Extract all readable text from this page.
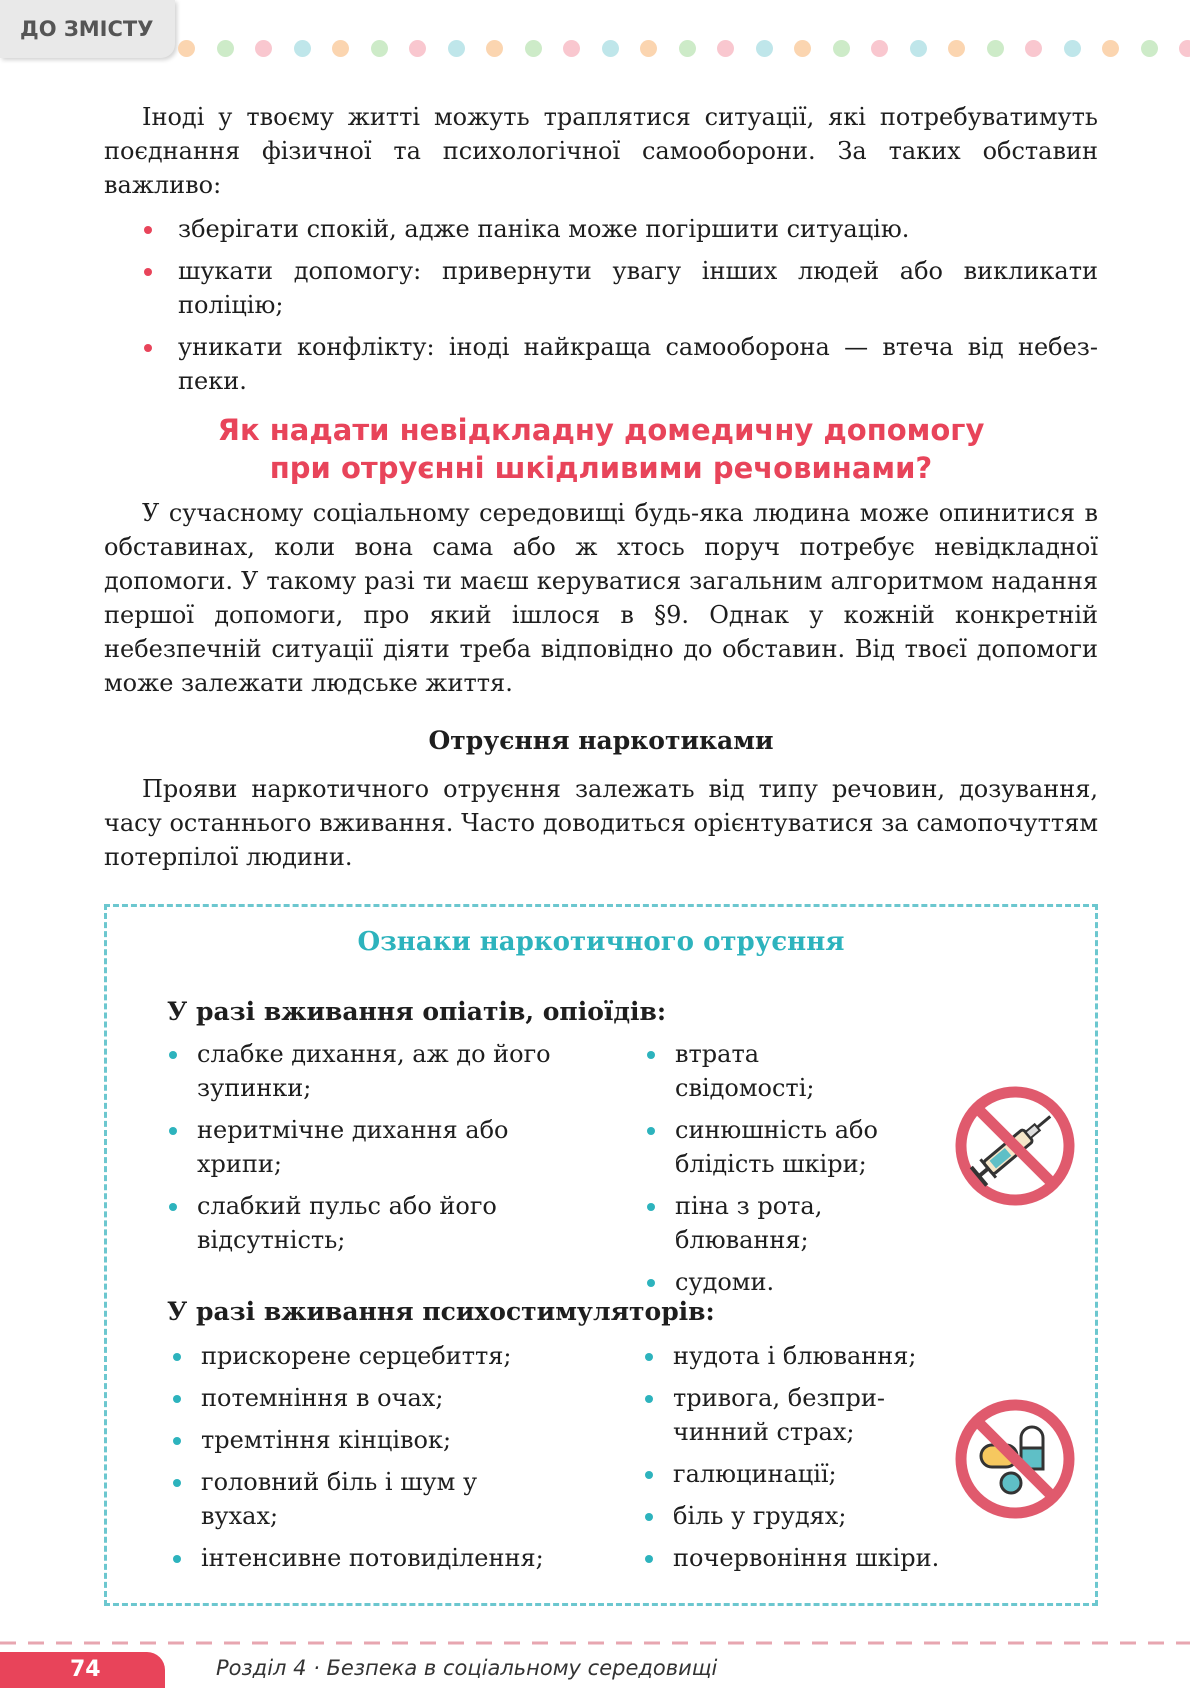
ДО ЗМІСТУ

Іноді у твоєму житті можуть траплятися ситуації, які потребуватимуть поєднання фізичної та психологічної самооборони. За таких обставин важливо:

зберігати спокій, адже паніка може погіршити ситуацію.
шукати допомогу: привернути увагу інших людей або викликати поліцію;
уникати конфлікту: іноді найкраща самооборона — втеча від небезпеки.
Як надати невідкладну домедичну допомогу
при отруєнні шкідливими речовинами?

У сучасному соціальному середовищі будь-яка людина може опинитися в обставинах, коли вона сама або ж хтось поруч потребує невідкладної допомоги. У такому разі ти маєш керуватися загальним алгоритмом надання першої допомоги, про який ішлося в §9. Однак у кожній конкретній небезпечній ситуації діяти треба відповідно до обставин. Від твоєї допомоги може залежати людське життя.

Отруєння наркотиками

Прояви наркотичного отруєння залежать від типу речовин, дозування, часу останнього вживання. Часто доводиться орієнтуватися за самопочуттям потерпілої людини.

Ознаки наркотичного отруєння
У разі вживання опіатів, опіоїдів:
слабке дихання, аж до його зупинки;
неритмічне дихання або хрипи;
слабкий пульс або його відсутність;
втрата свідомості;
синюшність або блідість шкіри;
піна з рота, блювання;
судоми.
У разі вживання психостимуляторів:
прискорене серцебиття;
потемніння в очах;
тремтіння кінцівок;
головний біль і шум у вухах;
інтенсивне потовиділення;
нудота і блювання;
тривога, безпричинний страх;
галюцинації;
біль у грудях;
почервоніння шкіри.
74	Розділ 4 · Безпека в соціальному середовищі
